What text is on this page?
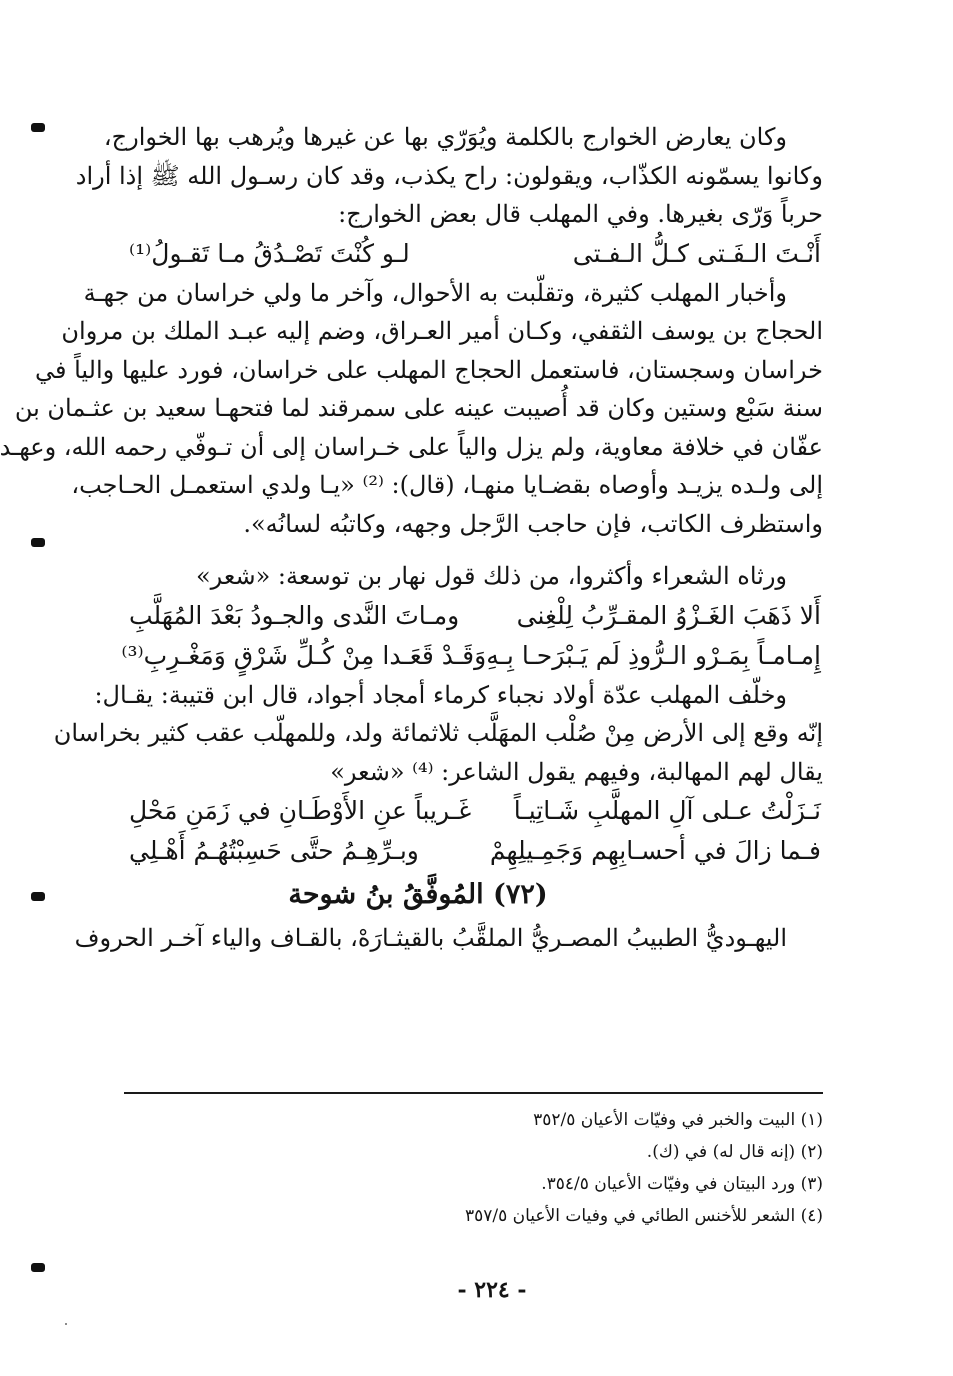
وكان يعارض الخوارج بالكلمة ويُوَرّي بها عن غيرها ويُرهب بها الخوارج،
وكانوا يسمّونه الكذّاب، ويقولون: راح يكذب، وقد كان رسـول الله ﷺ إذا أراد
حرباً وَرّى بغيرها. وفي المهلب قال بعض الخوارج:
أَنْـتَ الـفَـتى كـلُّ الـفـتى
لـو كُنْتَ تَصْـدُقُ مـا تَقـولُ⁽¹⁾
وأخبار المهلب كثيرة، وتقلّبت به الأحوال، وآخر ما ولي خراسان من جهـة
الحجاج بن يوسف الثقفي، وكـان أمير العـراق، وضم إليه عبـد الملك بن مروان
خراسان وسجستان، فاستعمل الحجاج المهلب على خراسان، فورد عليها والياً في
سنة سَبْع وستين وكان قد أُصيبت عينه على سمرقند لما فتحهـا سعيد بن عثـمان بن
عفّان في خلافة معاوية، ولم يزل والياً على خـراسان إلى أن تـوفّي رحمه الله، وعهـد
إلى ولـده يزيـد وأوصاه بقضـايا منهـا، (قال): ⁽²⁾ «يـا ولدي استعمـل الحـاجب،
واستظرف الكاتب، فإن حاجب الرَّجل وجهه، وكاتبُه لسانُه».
ورثاه الشعراء وأكثروا، من ذلك قول نهار بن توسعة: «شعر»
أَلا ذَهَبَ الغَـزْوُ المقـرِّبُ لِلْغِنى
ومـاتَ النَّدى والجـودُ بَعْدَ المُهَلَّبِ
إِمـامـاً بِمَـرْو الـرُّوذِ لَم يَـبْرَحـا بِـهِ
وَقَـدْ قَعَـدا مِنْ كُـلِّ شَرْقٍ وَمَغْـرِبِ⁽³⁾
وخلّف المهلب عدّة أولاد نجباء كرماء أمجاد أجواد، قال ابن قتيبة: يقـال:
إنّه وقع إلى الأرض مِنْ صُلْب المهَلَّب ثلاثمائة ولد، وللمهلّب عقب كثير بخراسان
يقال لهم المهالبة، وفيهم يقول الشاعر: ⁽⁴⁾ «شعر»
نَـزَلْتُ عـلى آلِ المهلَّبِ شَـاتِيـاً
غَـريباً عنِ الأَوْطَـانِ في زَمَنِ مَحْلِ
فـما زالَ في أحسـابِهِم وَجَمِـيلِهِمْ
وبـرِّهِـمُ حتَّى حَسِبْتُهُـمُ أَهْـلِي
(٧٢) المُوفَّقُ بنُ شوحة
اليهـوديُّ الطبيبُ المصـريُّ الملقَّبُ بالقيثـارَهْ، بالقـاف والياء آخـر الحروف
(١) البيت والخبر في وفيّات الأعيان ٣٥٢/٥
(٢) (إنه قال له) في (ك).
(٣) ورد البيتان في وفيّات الأعيان ٣٥٤/٥.
(٤) الشعر للأخنس الطائي في وفيات الأعيان ٣٥٧/٥
- ٢٢٤ -
